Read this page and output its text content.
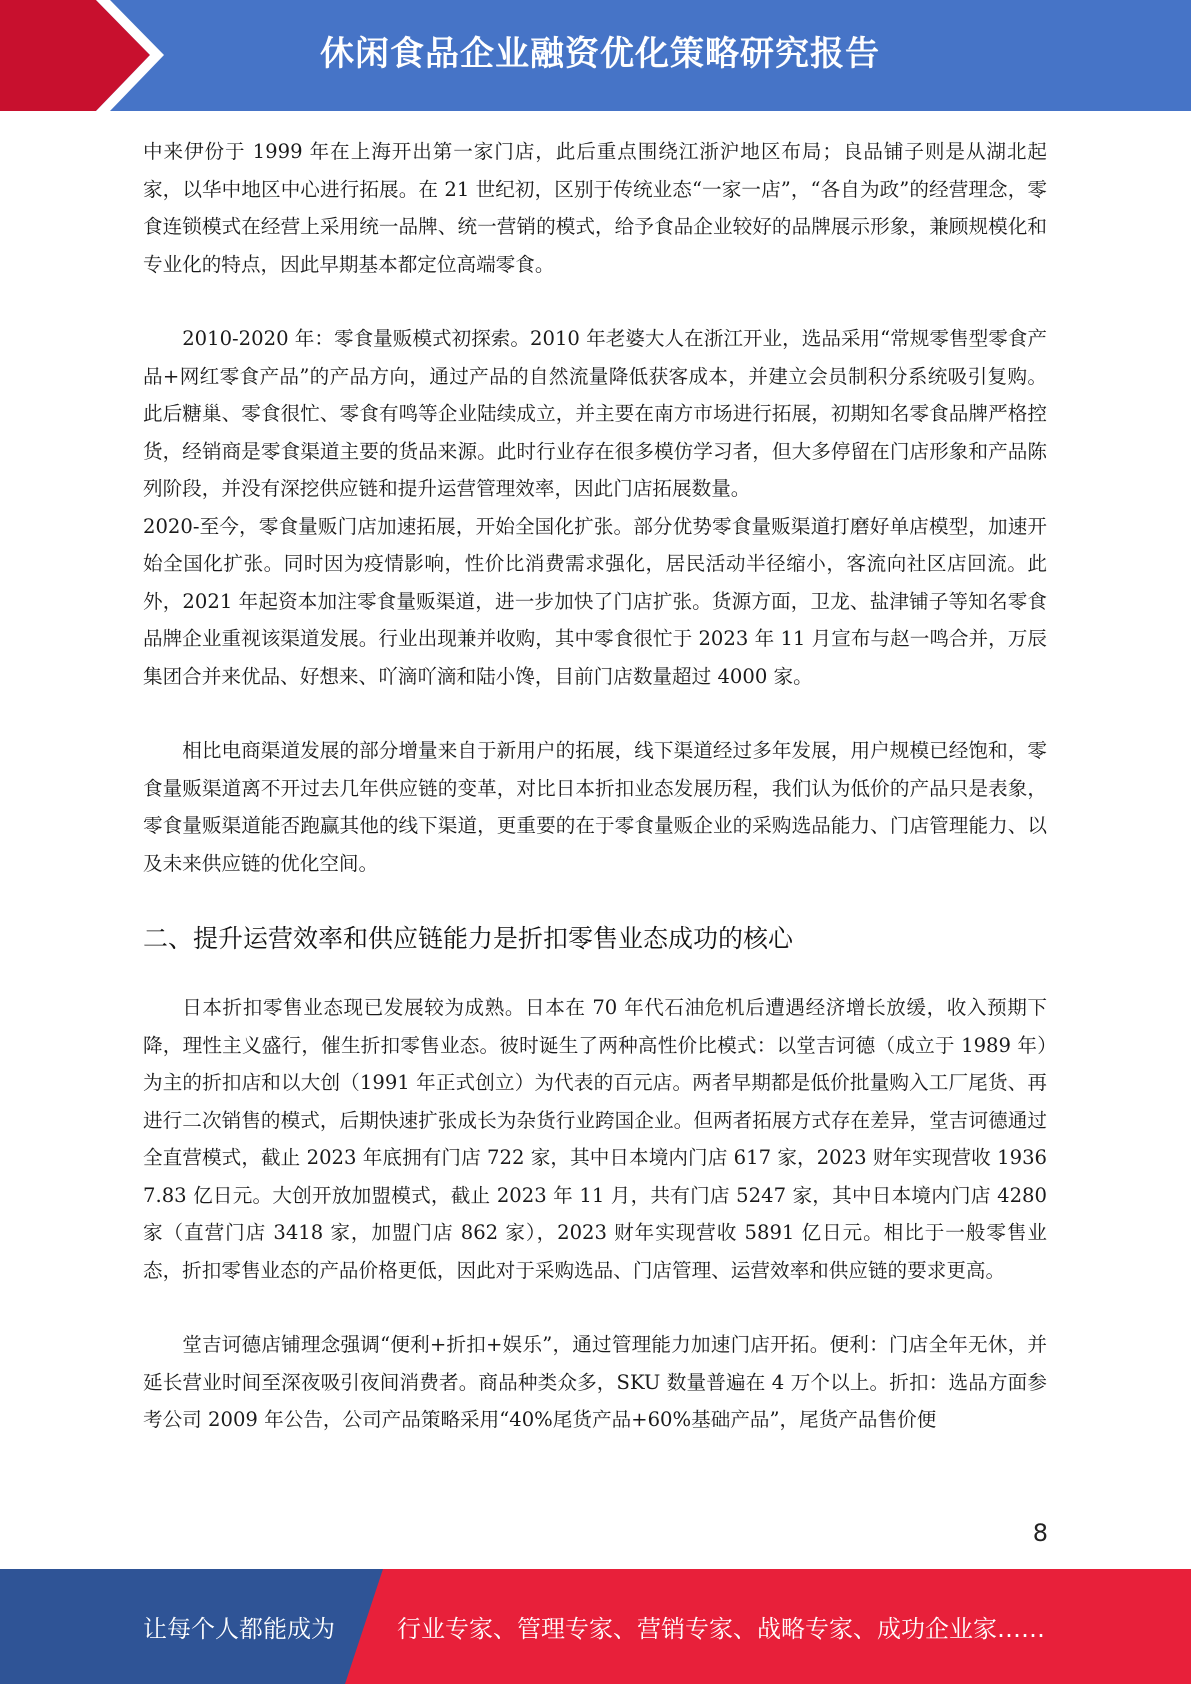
休闲食品企业融资优化策略研究报告

中来伊份于 1999 年在上海开出第一家门店，此后重点围绕江浙沪地区布局；良品铺子则是从湖北起家，以华中地区中心进行拓展。在 21 世纪初，区别于传统业态“一家一店”，“各自为政”的经营理念，零食连锁模式在经营上采用统一品牌、统一营销的模式，给予食品企业较好的品牌展示形象，兼顾规模化和专业化的特点，因此早期基本都定位高端零食。

2010-2020 年：零食量贩模式初探索。2010 年老婆大人在浙江开业，选品采用“常规零售型零食产品+网红零食产品”的产品方向，通过产品的自然流量降低获客成本，并建立会员制积分系统吸引复购。此后糖巢、零食很忙、零食有鸣等企业陆续成立，并主要在南方市场进行拓展，初期知名零食品牌严格控货，经销商是零食渠道主要的货品来源。此时行业存在很多模仿学习者，但大多停留在门店形象和产品陈列阶段，并没有深挖供应链和提升运营管理效率，因此门店拓展数量。

2020-至今，零食量贩门店加速拓展，开始全国化扩张。部分优势零食量贩渠道打磨好单店模型，加速开始全国化扩张。同时因为疫情影响，性价比消费需求强化，居民活动半径缩小，客流向社区店回流。此外，2021 年起资本加注零食量贩渠道，进一步加快了门店扩张。货源方面，卫龙、盐津铺子等知名零食品牌企业重视该渠道发展。行业出现兼并收购，其中零食很忙于 2023 年 11 月宣布与赵一鸣合并，万辰集团合并来优品、好想来、吖滴吖滴和陆小馋，目前门店数量超过 4000 家。

相比电商渠道发展的部分增量来自于新用户的拓展，线下渠道经过多年发展，用户规模已经饱和，零食量贩渠道离不开过去几年供应链的变革，对比日本折扣业态发展历程，我们认为低价的产品只是表象，零食量贩渠道能否跑赢其他的线下渠道，更重要的在于零食量贩企业的采购选品能力、门店管理能力、以及未来供应链的优化空间。

二、提升运营效率和供应链能力是折扣零售业态成功的核心

日本折扣零售业态现已发展较为成熟。日本在 70 年代石油危机后遭遇经济增长放缓，收入预期下降，理性主义盛行，催生折扣零售业态。彼时诞生了两种高性价比模式：以堂吉诃德（成立于 1989 年）为主的折扣店和以大创（1991 年正式创立）为代表的百元店。两者早期都是低价批量购入工厂尾货、再进行二次销售的模式，后期快速扩张成长为杂货行业跨国企业。但两者拓展方式存在差异，堂吉诃德通过全直营模式，截止 2023 年底拥有门店 722 家，其中日本境内门店 617 家，2023 财年实现营收 19367.83 亿日元。大创开放加盟模式，截止 2023 年 11 月，共有门店 5247 家，其中日本境内门店 4280 家（直营门店 3418 家，加盟门店 862 家），2023 财年实现营收 5891 亿日元。相比于一般零售业态，折扣零售业态的产品价格更低，因此对于采购选品、门店管理、运营效率和供应链的要求更高。

堂吉诃德店铺理念强调“便利+折扣+娱乐”，通过管理能力加速门店开拓。便利：门店全年无休，并延长营业时间至深夜吸引夜间消费者。商品种类众多，SKU 数量普遍在 4 万个以上。折扣：选品方面参考公司 2009 年公告，公司产品策略采用“40%尾货产品+60%基础产品”，尾货产品售价便

8
让每个人都能成为	行业专家、管理专家、营销专家、战略专家、成功企业家……
